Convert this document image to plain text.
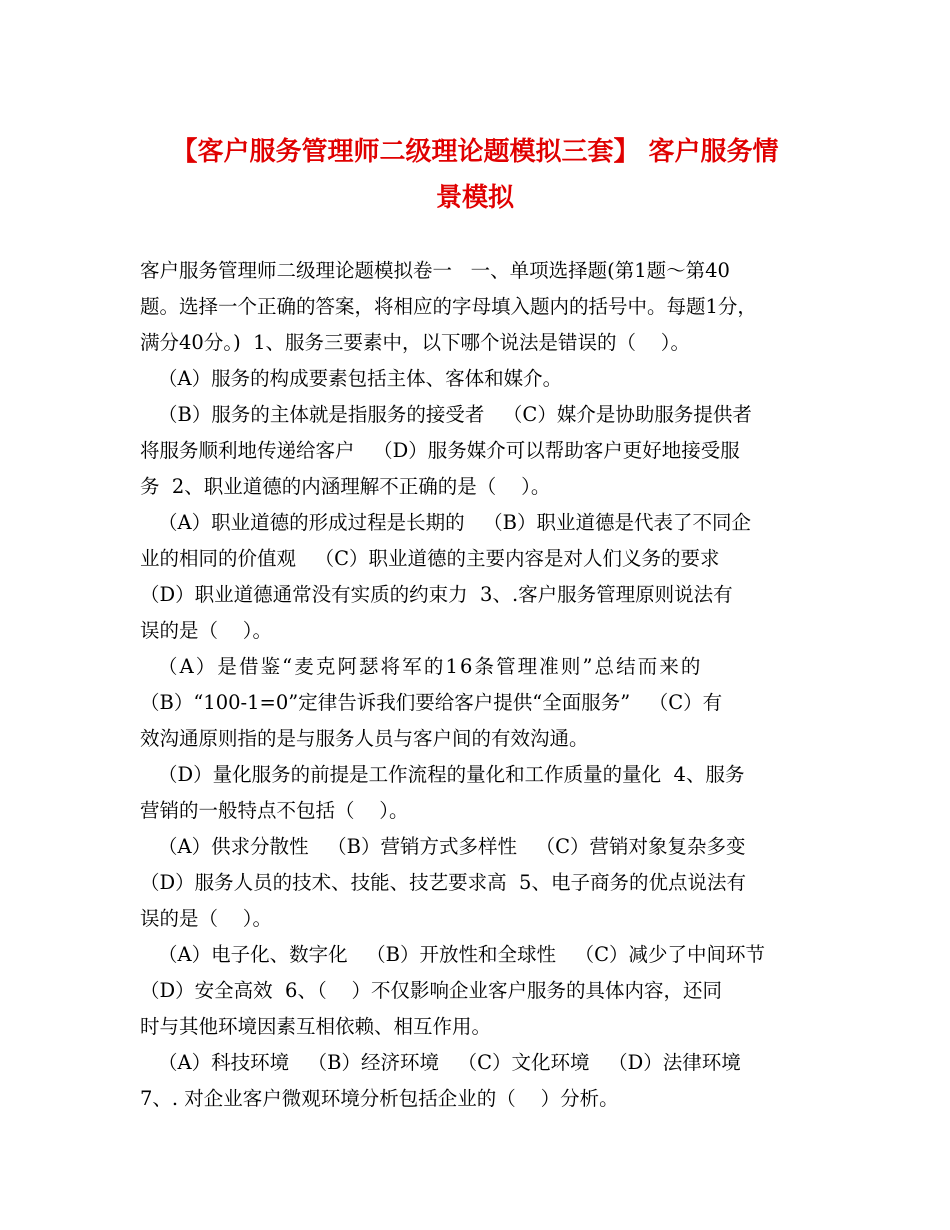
【客户服务管理师二级理论题模拟三套】 客户服务情
景模拟
客户服务管理师二级理论题模拟卷一   一、单项选择题(第1题～第40
题。选择一个正确的答案，将相应的字母填入题内的括号中。每题1分，
满分40分。)  1、服务三要素中，以下哪个说法是错误的（    ）。
（A）服务的构成要素包括主体、客体和媒介。
（B）服务的主体就是指服务的接受者   （C）媒介是协助服务提供者
将服务顺利地传递给客户   （D）服务媒介可以帮助客户更好地接受服
务  2、职业道德的内涵理解不正确的是（    ）。
（A）职业道德的形成过程是长期的   （B）职业道德是代表了不同企
业的相同的价值观   （C）职业道德的主要内容是对人们义务的要求
（D）职业道德通常没有实质的约束力  3、.客户服务管理原则说法有
误的是（    ）。
（A）是借鉴“麦克阿瑟将军的16条管理准则”总结而来的
（B）“100-1=0”定律告诉我们要给客户提供“全面服务”   （C）有
效沟通原则指的是与服务人员与客户间的有效沟通。
（D）量化服务的前提是工作流程的量化和工作质量的量化  4、服务
营销的一般特点不包括（    ）。
（A）供求分散性   （B）营销方式多样性   （C）营销对象复杂多变
（D）服务人员的技术、技能、技艺要求高  5、电子商务的优点说法有
误的是（    ）。
（A）电子化、数字化   （B）开放性和全球性   （C）减少了中间环节
（D）安全高效  6、（    ）不仅影响企业客户服务的具体内容，还同
时与其他环境因素互相依赖、相互作用。
（A）科技环境   （B）经济环境   （C）文化环境   （D）法律环境
7、. 对企业客户微观环境分析包括企业的（    ）分析。
